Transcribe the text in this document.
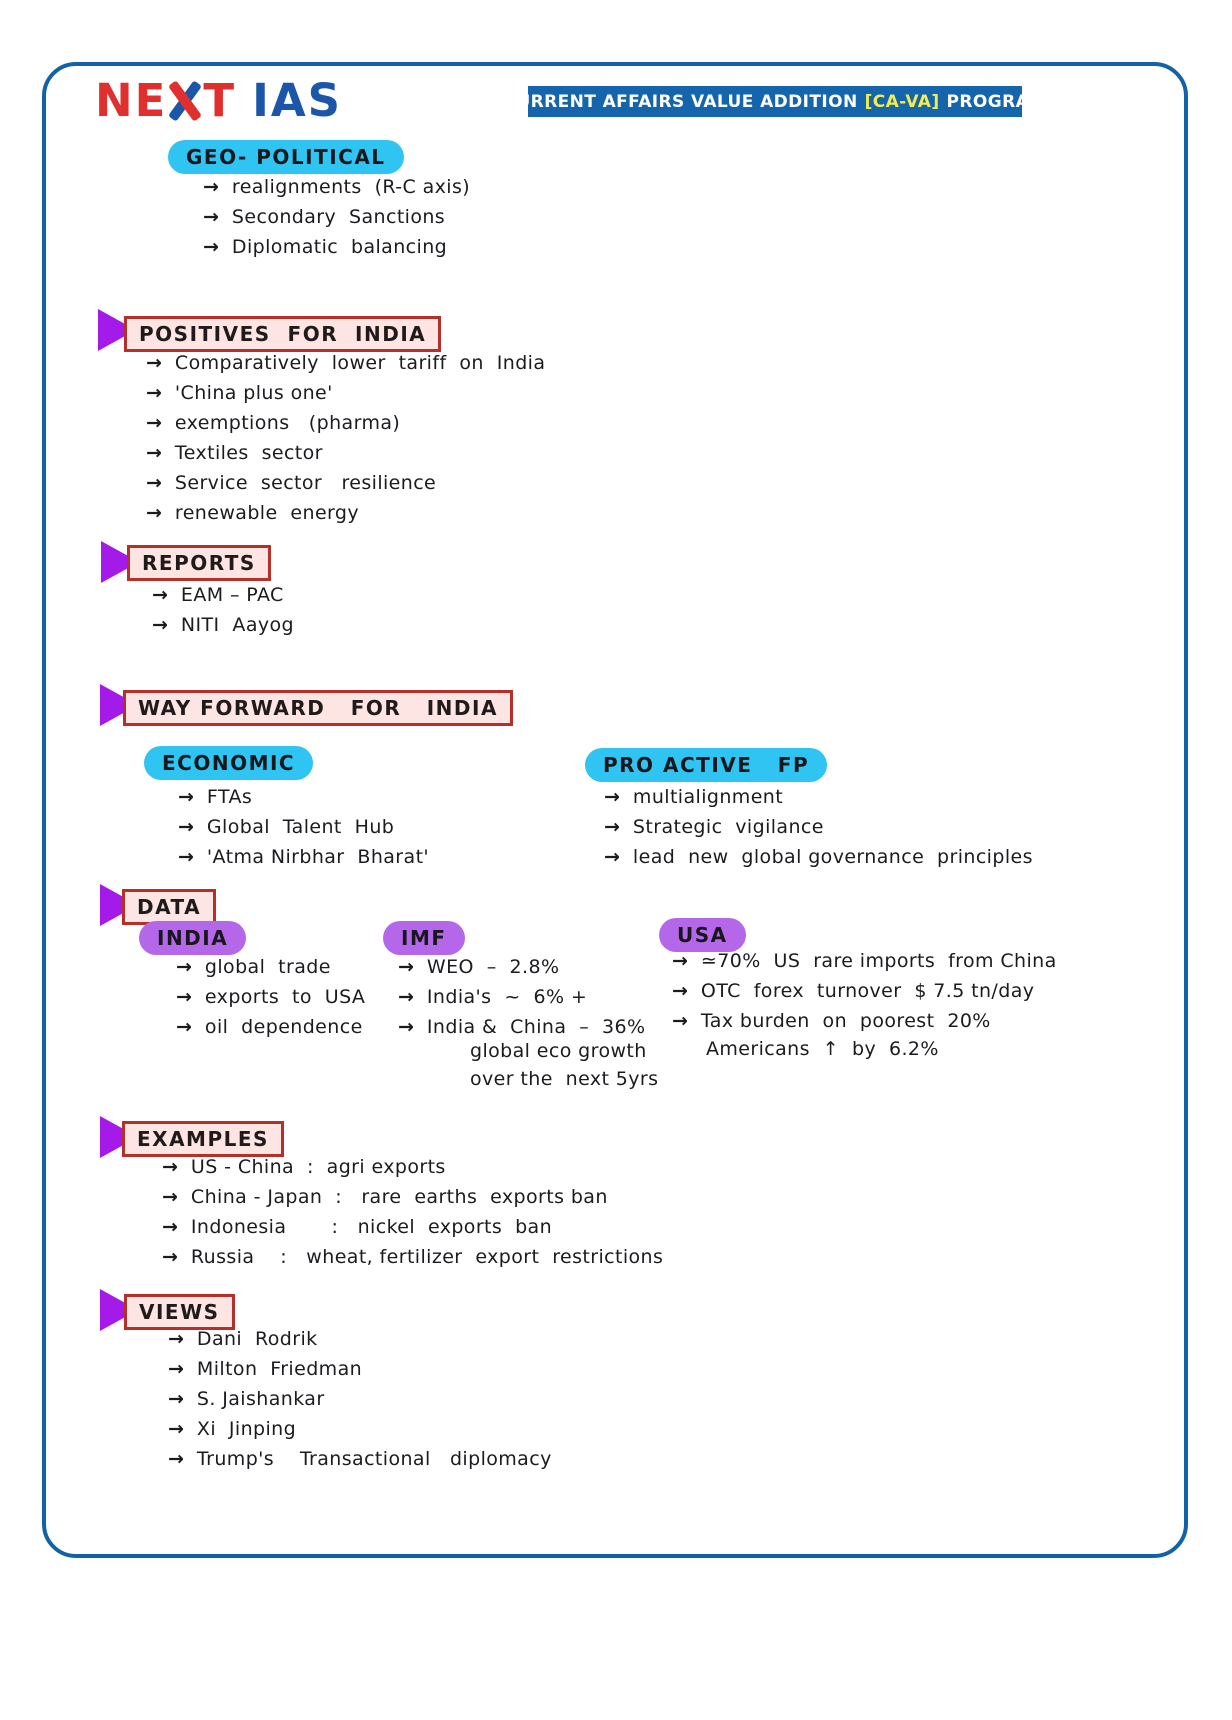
NE T IAS	CURRENT AFFAIRS VALUE ADDITION [CA-VA] PROGRAM
GEO- POLITICAL
→ realignments  (R-C axis)
→ Secondary  Sanctions
→ Diplomatic  balancing
POSITIVES  FOR  INDIA
→ Comparatively  lower  tariff  on  India
→ 'China plus one'
→ exemptions   (pharma)
→ Textiles  sector
→ Service  sector   resilience
→ renewable  energy
REPORTS
→ EAM – PAC
→ NITI  Aayog
WAY FORWARD   FOR   INDIA
ECONOMIC
→ FTAs
→ Global  Talent  Hub
→ 'Atma Nirbhar  Bharat'
PRO ACTIVE   FP
→ multialignment
→ Strategic  vigilance
→ lead  new  global governance  principles
DATA
INDIA
→ global  trade
→ exports  to  USA
→ oil  dependence
IMF
→ WEO  –  2.8%
→ India's  ~  6% +
→ India &  China  –  36%
global eco growth
over the  next 5yrs
USA
→ ≃70%  US  rare imports  from China
→ OTC  forex  turnover  $ 7.5 tn/day
→ Tax burden  on  poorest  20%
Americans  ↑  by  6.2%
EXAMPLES
→ US - China  :  agri exports
→ China - Japan  :   rare  earths  exports ban
→ Indonesia       :   nickel  exports  ban
→ Russia    :   wheat, fertilizer  export  restrictions
VIEWS
→ Dani  Rodrik
→ Milton  Friedman
→ S. Jaishankar
→ Xi  Jinping
→ Trump's    Transactional   diplomacy
